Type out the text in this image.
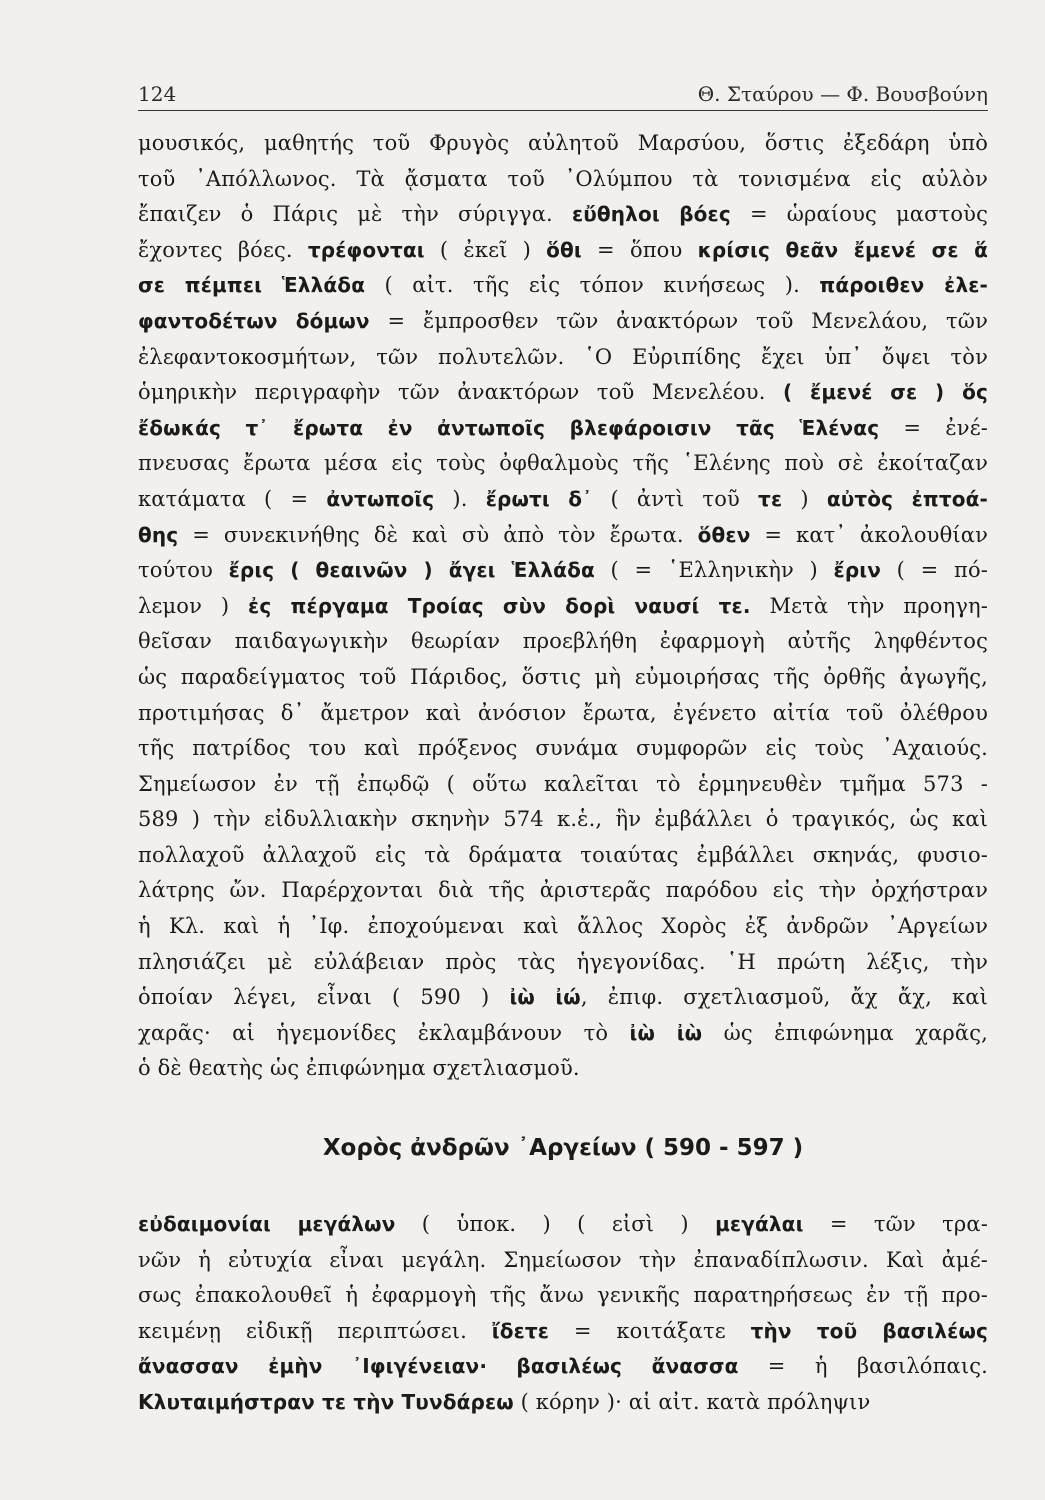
124	Θ. Σταύρου — Φ. Βουσβούνη
μουσικός, μαθητής τοῦ Φρυγὸς αὐλητοῦ Μαρσύου, ὅστις ἐξεδάρη ὑπὸ
τοῦ ᾿Απόλλωνος. Τὰ ᾄσματα τοῦ ᾿Ολύμπου τὰ τονισμένα εἰς αὐλὸν
ἔπαιζεν ὁ Πάρις μὲ τὴν σύριγγα. εὔθηλοι βόες = ὡραίους μαστοὺς
ἔχοντες βόες. τρέφονται ( ἐκεῖ ) ὅθι = ὅπου κρίσις θεᾶν ἔμενέ σε ἅ
σε πέμπει Ἑλλάδα ( αἰτ. τῆς εἰς τόπον κινήσεως ). πάροιθεν ἐλε-
φαντοδέτων δόμων = ἔμπροσθεν τῶν ἀνακτόρων τοῦ Μενελάου, τῶν
ἐλεφαντοκοσμήτων, τῶν πολυτελῶν. ῾Ο Εὐριπίδης ἔχει ὑπ᾿ ὄψει τὸν
ὁμηρικὴν περιγραφὴν τῶν ἀνακτόρων τοῦ Μενελέου. ( ἔμενέ σε ) ὅς
ἔδωκάς τ᾿ ἔρωτα ἐν ἀντωποῖς βλεφάροισιν τᾶς Ἑλένας = ἐνέ-
πνευσας ἔρωτα μέσα εἰς τοὺς ὀφθαλμοὺς τῆς ῾Ελένης ποὺ σὲ ἐκοίταζαν
κατάματα ( = ἀντωποῖς ). ἔρωτι δ᾿ ( ἀντὶ τοῦ τε ) αὐτὸς ἐπτοά-
θης = συνεκινήθης δὲ καὶ σὺ ἀπὸ τὸν ἔρωτα. ὅθεν = κατ᾿ ἀκολουθίαν
τούτου ἔρις ( θεαινῶν ) ἄγει Ἑλλάδα ( = ῾Ελληνικὴν ) ἔριν ( = πό-
λεμον ) ἐς πέργαμα Τροίας σὺν δορὶ ναυσί τε. Μετὰ τὴν προηγη-
θεῖσαν παιδαγωγικὴν θεωρίαν προεβλήθη ἐφαρμογὴ αὐτῆς ληφθέντος
ὡς παραδείγματος τοῦ Πάριδος, ὅστις μὴ εὐμοιρήσας τῆς ὀρθῆς ἀγωγῆς,
προτιμήσας δ᾿ ἄμετρον καὶ ἀνόσιον ἔρωτα, ἐγένετο αἰτία τοῦ ὀλέθρου
τῆς πατρίδος του καὶ πρόξενος συνάμα συμφορῶν εἰς τοὺς ᾿Αχαιούς.
Σημείωσον ἐν τῇ ἐπῳδῷ ( οὕτω καλεῖται τὸ ἑρμηνευθὲν τμῆμα 573 -
589 ) τὴν εἰδυλλιακὴν σκηνὴν 574 κ.ἑ., ἣν ἐμβάλλει ὁ τραγικός, ὡς καὶ
πολλαχοῦ ἀλλαχοῦ εἰς τὰ δράματα τοιαύτας ἐμβάλλει σκηνάς, φυσιο-
λάτρης ὤν. Παρέρχονται διὰ τῆς ἀριστερᾶς παρόδου εἰς τὴν ὀρχήστραν
ἡ Κλ. καὶ ἡ ᾿Ιφ. ἐποχούμεναι καὶ ἄλλος Χορὸς ἐξ ἀνδρῶν ᾿Αργείων
πλησιάζει μὲ εὐλάβειαν πρὸς τὰς ἡγεγονίδας. ῾Η πρώτη λέξις, τὴν
ὁποίαν λέγει, εἶναι ( 590 ) ἰὼ ἰώ, ἐπιφ. σχετλιασμοῦ, ἄχ ἄχ, καὶ
χαρᾶς· αἱ ἡγεμονίδες ἐκλαμβάνουν τὸ ἰὼ ἰὼ ὡς ἐπιφώνημα χαρᾶς,
ὁ δὲ θεατὴς ὡς ἐπιφώνημα σχετλιασμοῦ.
Χορὸς ἀνδρῶν ᾿Αργείων ( 590 - 597 )
εὐδαιμονίαι μεγάλων ( ὑποκ. ) ( εἰσὶ ) μεγάλαι = τῶν τρα-
νῶν ἡ εὐτυχία εἶναι μεγάλη. Σημείωσον τὴν ἐπαναδίπλωσιν. Καὶ ἀμέ-
σως ἐπακολουθεῖ ἡ ἐφαρμογὴ τῆς ἄνω γενικῆς παρατηρήσεως ἐν τῇ προ-
κειμένῃ εἰδικῇ περιπτώσει. ἴδετε = κοιτάξατε τὴν τοῦ βασιλέως
ἄνασσαν ἐμὴν ᾿Ιφιγένειαν· βασιλέως ἄνασσα = ἡ βασιλόπαις.
Κλυταιμήστραν τε τὴν Τυνδάρεω ( κόρην )· αἱ αἰτ. κατὰ πρόληψιν
